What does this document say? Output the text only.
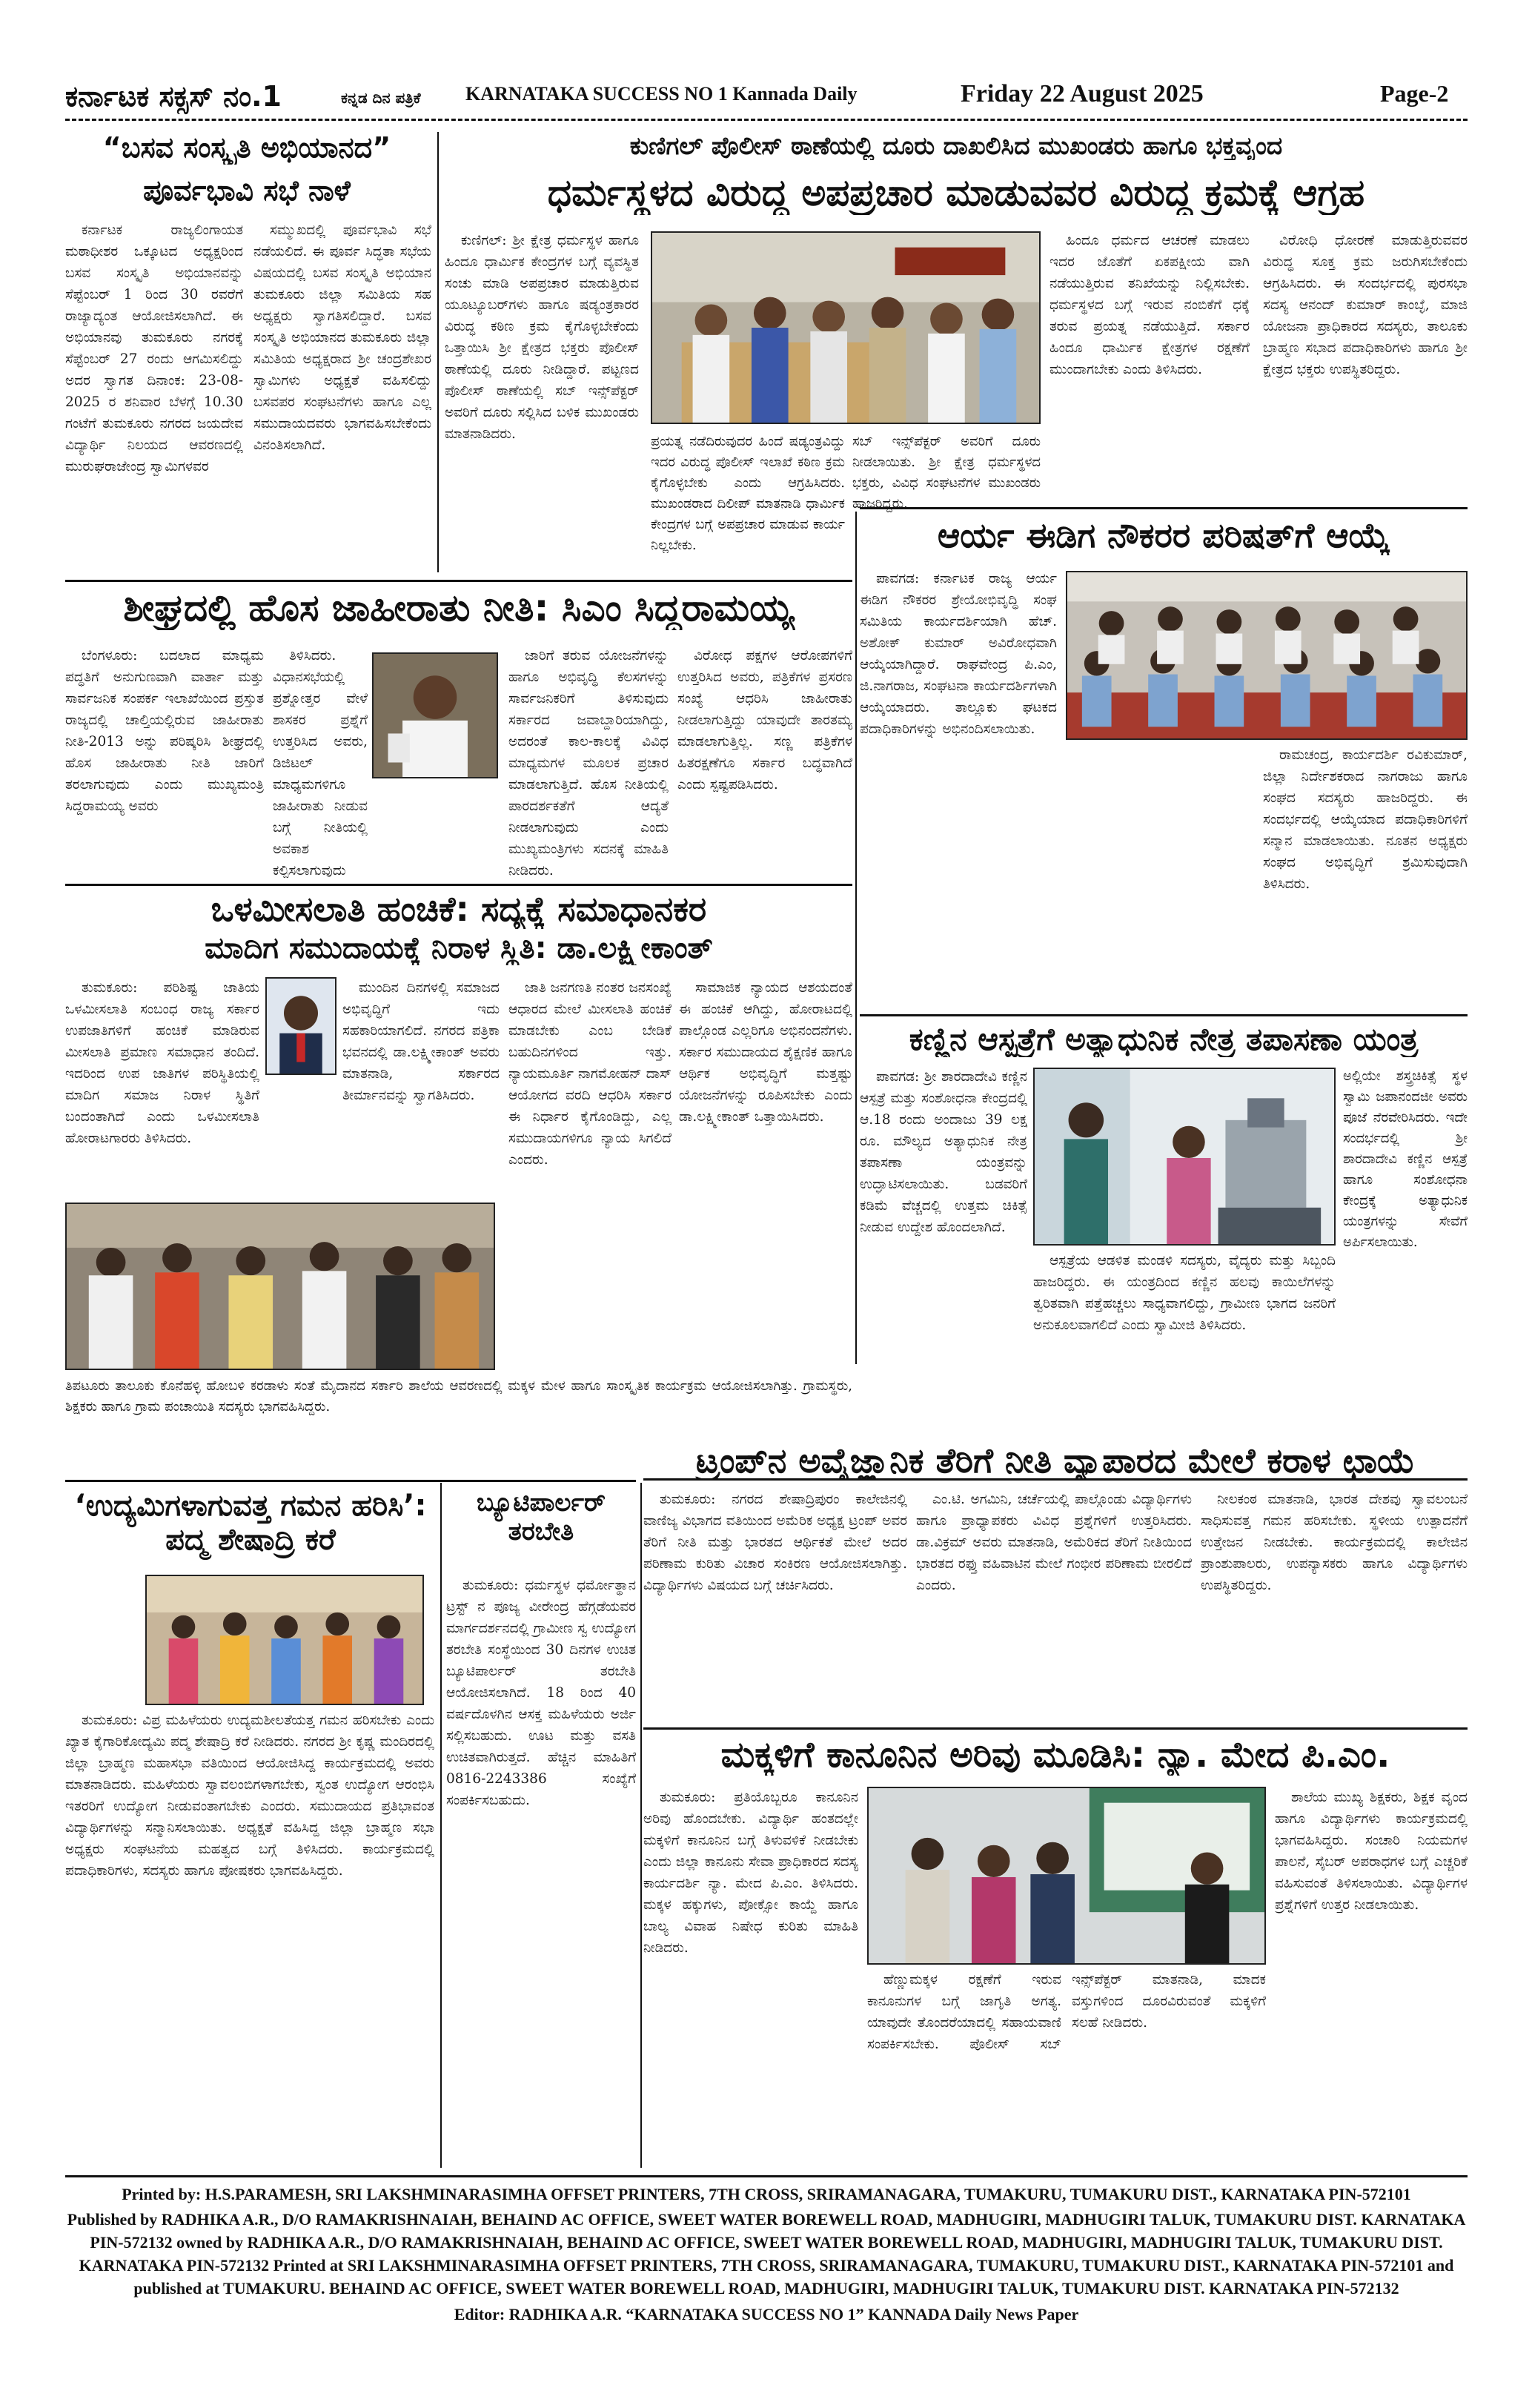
ಕರ್ನಾಟಕ ಸಕ್ಸಸ್ ನಂ.1	ಕನ್ನಡ ದಿನ ಪತ್ರಿಕೆ KARNATAKA SUCCESS NO 1 Kannada Daily	Friday 22 August 2025	Page-2
“ಬಸವ ಸಂಸ್ಕೃತಿ ಅಭಿಯಾನದ”
ಪೂರ್ವಭಾವಿ ಸಭೆ ನಾಳೆ

ಕರ್ನಾಟಕ ರಾಜ್ಯಲಿಂಗಾಯತ ಮಠಾಧೀಶರ ಒಕ್ಕೂಟದ ಅಧ್ಯಕ್ಷರಿಂದ ಬಸವ ಸಂಸ್ಕೃತಿ ಅಭಿಯಾನವನ್ನು ಸೆಪ್ಟೆಂಬರ್ 1 ರಿಂದ 30 ರವರೆಗೆ ರಾಜ್ಯಾದ್ಯಂತ ಆಯೋಜಿಸಲಾಗಿದೆ. ಈ ಅಭಿಯಾನವು ತುಮಕೂರು ನಗರಕ್ಕೆ ಸೆಪ್ಟೆಂಬರ್ 27 ರಂದು ಆಗಮಿಸಲಿದ್ದು ಅದರ ಸ್ವಾಗತ ದಿನಾಂಕ: 23-08-2025 ರ ಶನಿವಾರ ಬೆಳಗ್ಗೆ 10.30 ಗಂಟೆಗೆ ತುಮಕೂರು ನಗರದ ಜಯದೇವ ವಿದ್ಯಾರ್ಥಿ ನಿಲಯದ ಆವರಣದಲ್ಲಿ ಮುರುಘರಾಜೇಂದ್ರ ಸ್ವಾಮಿಗಳವರ

ಸಮ್ಮುಖದಲ್ಲಿ ಪೂರ್ವಭಾವಿ ಸಭೆ ನಡೆಯಲಿದೆ. ಈ ಪೂರ್ವ ಸಿದ್ಧತಾ ಸಭೆಯ ವಿಷಯದಲ್ಲಿ ಬಸವ ಸಂಸ್ಕೃತಿ ಅಭಿಯಾನ ತುಮಕೂರು ಜಿಲ್ಲಾ ಸಮಿತಿಯ ಸಹ ಅಧ್ಯಕ್ಷರು ಸ್ವಾಗತಿಸಲಿದ್ದಾರೆ. ಬಸವ ಸಂಸ್ಕೃತಿ ಅಭಿಯಾನದ ತುಮಕೂರು ಜಿಲ್ಲಾ ಸಮಿತಿಯ ಅಧ್ಯಕ್ಷರಾದ ಶ್ರೀ ಚಂದ್ರಶೇಖರ ಸ್ವಾಮಿಗಳು ಅಧ್ಯಕ್ಷತೆ ವಹಿಸಲಿದ್ದು ಬಸವಪರ ಸಂಘಟನೆಗಳು ಹಾಗೂ ಎಲ್ಲ ಸಮುದಾಯದವರು ಭಾಗವಹಿಸಬೇಕೆಂದು ವಿನಂತಿಸಲಾಗಿದೆ.

ಕುಣಿಗಲ್ ಪೊಲೀಸ್ ಠಾಣೆಯಲ್ಲಿ ದೂರು ದಾಖಲಿಸಿದ ಮುಖಂಡರು ಹಾಗೂ ಭಕ್ತವೃಂದ
ಧರ್ಮಸ್ಥಳದ ವಿರುದ್ಧ ಅಪಪ್ರಚಾರ ಮಾಡುವವರ ವಿರುದ್ಧ ಕ್ರಮಕ್ಕೆ ಆಗ್ರಹ

ಕುಣಿಗಲ್: ಶ್ರೀ ಕ್ಷೇತ್ರ ಧರ್ಮಸ್ಥಳ ಹಾಗೂ ಹಿಂದೂ ಧಾರ್ಮಿಕ ಕೇಂದ್ರಗಳ ಬಗ್ಗೆ ವ್ಯವಸ್ಥಿತ ಸಂಚು ಮಾಡಿ ಅಪಪ್ರಚಾರ ಮಾಡುತ್ತಿರುವ ಯೂಟ್ಯೂಬರ್‌ಗಳು ಹಾಗೂ ಷಡ್ಯಂತ್ರಕಾರರ ವಿರುದ್ಧ ಕಠಿಣ ಕ್ರಮ ಕೈಗೊಳ್ಳಬೇಕೆಂದು ಒತ್ತಾಯಿಸಿ ಶ್ರೀ ಕ್ಷೇತ್ರದ ಭಕ್ತರು ಪೊಲೀಸ್ ಠಾಣೆಯಲ್ಲಿ ದೂರು ನೀಡಿದ್ದಾರೆ. ಪಟ್ಟಣದ ಪೊಲೀಸ್ ಠಾಣೆಯಲ್ಲಿ ಸಬ್ ಇನ್ಸ್‌ಪೆಕ್ಟರ್ ಅವರಿಗೆ ದೂರು ಸಲ್ಲಿಸಿದ ಬಳಿಕ ಮುಖಂಡರು ಮಾತನಾಡಿದರು.	ಪ್ರಯತ್ನ ನಡೆದಿರುವುದರ ಹಿಂದೆ ಷಡ್ಯಂತ್ರವಿದ್ದು ಇದರ ವಿರುದ್ಧ ಪೊಲೀಸ್ ಇಲಾಖೆ ಕಠಿಣ ಕ್ರಮ ಕೈಗೊಳ್ಳಬೇಕು ಎಂದು ಆಗ್ರಹಿಸಿದರು. ಮುಖಂಡರಾದ ದಿಲೀಪ್ ಮಾತನಾಡಿ ಧಾರ್ಮಿಕ ಕೇಂದ್ರಗಳ ಬಗ್ಗೆ ಅಪಪ್ರಚಾರ ಮಾಡುವ ಕಾರ್ಯ ನಿಲ್ಲಬೇಕು.
ಸಬ್ ಇನ್ಸ್‌ಪೆಕ್ಟರ್ ಅವರಿಗೆ ದೂರು ನೀಡಲಾಯಿತು. ಶ್ರೀ ಕ್ಷೇತ್ರ ಧರ್ಮಸ್ಥಳದ ಭಕ್ತರು, ವಿವಿಧ ಸಂಘಟನೆಗಳ ಮುಖಂಡರು ಹಾಜರಿದ್ದರು.

ಹಿಂದೂ ಧರ್ಮದ ಆಚರಣೆ ಮಾಡಲು ಇದರ ಜೊತೆಗೆ ಏಕಪಕ್ಷೀಯ ವಾಗಿ ನಡೆಯುತ್ತಿರುವ ತನಿಖೆಯನ್ನು ನಿಲ್ಲಿಸಬೇಕು. ಧರ್ಮಸ್ಥಳದ ಬಗ್ಗೆ ಇರುವ ನಂಬಿಕೆಗೆ ಧಕ್ಕೆ ತರುವ ಪ್ರಯತ್ನ ನಡೆಯುತ್ತಿದೆ. ಸರ್ಕಾರ ಹಿಂದೂ ಧಾರ್ಮಿಕ ಕ್ಷೇತ್ರಗಳ ರಕ್ಷಣೆಗೆ ಮುಂದಾಗಬೇಕು ಎಂದು ತಿಳಿಸಿದರು.

ವಿರೋಧಿ ಧೋರಣೆ ಮಾಡುತ್ತಿರುವವರ ವಿರುದ್ಧ ಸೂಕ್ತ ಕ್ರಮ ಜರುಗಿಸಬೇಕೆಂದು ಆಗ್ರಹಿಸಿದರು. ಈ ಸಂದರ್ಭದಲ್ಲಿ ಪುರಸಭಾ ಸದಸ್ಯ ಆನಂದ್ ಕುಮಾರ್ ಕಾಂಬ್ಳೆ, ಮಾಜಿ ಯೋಜನಾ ಪ್ರಾಧಿಕಾರದ ಸದಸ್ಯರು, ತಾಲೂಕು ಬ್ರಾಹ್ಮಣ ಸಭಾದ ಪದಾಧಿಕಾರಿಗಳು ಹಾಗೂ ಶ್ರೀ ಕ್ಷೇತ್ರದ ಭಕ್ತರು ಉಪಸ್ಥಿತರಿದ್ದರು.

ಆರ್ಯ ಈಡಿಗ ನೌಕರರ ಪರಿಷತ್‌ಗೆ ಆಯ್ಕೆ

ಪಾವಗಡ: ಕರ್ನಾಟಕ ರಾಜ್ಯ ಆರ್ಯ ಈಡಿಗ ನೌಕರರ ಶ್ರೇಯೋಭಿವೃದ್ಧಿ ಸಂಘ ಸಮಿತಿಯ ಕಾರ್ಯದರ್ಶಿಯಾಗಿ ಹೆಚ್. ಅಶೋಕ್ ಕುಮಾರ್ ಅವಿರೋಧವಾಗಿ ಆಯ್ಕೆಯಾಗಿದ್ದಾರೆ. ರಾಘವೇಂದ್ರ ಪಿ.ಎಂ, ಜಿ.ನಾಗರಾಜ, ಸಂಘಟನಾ ಕಾರ್ಯದರ್ಶಿಗಳಾಗಿ ಆಯ್ಕೆಯಾದರು. ತಾಲ್ಲೂಕು ಘಟಕದ ಪದಾಧಿಕಾರಿಗಳನ್ನು ಅಭಿನಂದಿಸಲಾಯಿತು.

ರಾಮಚಂದ್ರ, ಕಾರ್ಯದರ್ಶಿ ರವಿಕುಮಾರ್, ಜಿಲ್ಲಾ ನಿರ್ದೇಶಕರಾದ ನಾಗರಾಜು ಹಾಗೂ ಸಂಘದ ಸದಸ್ಯರು ಹಾಜರಿದ್ದರು. ಈ ಸಂದರ್ಭದಲ್ಲಿ ಆಯ್ಕೆಯಾದ ಪದಾಧಿಕಾರಿಗಳಿಗೆ ಸನ್ಮಾನ ಮಾಡಲಾಯಿತು. ನೂತನ ಅಧ್ಯಕ್ಷರು ಸಂಘದ ಅಭಿವೃದ್ಧಿಗೆ ಶ್ರಮಿಸುವುದಾಗಿ ತಿಳಿಸಿದರು.

ಶೀಘ್ರದಲ್ಲಿ ಹೊಸ ಜಾಹೀರಾತು ನೀತಿ: ಸಿಎಂ ಸಿದ್ದರಾಮಯ್ಯ

ಬೆಂಗಳೂರು: ಬದಲಾದ ಮಾಧ್ಯಮ ಪದ್ಧತಿಗೆ ಅನುಗುಣವಾಗಿ ವಾರ್ತಾ ಮತ್ತು ಸಾರ್ವಜನಿಕ ಸಂಪರ್ಕ ಇಲಾಖೆಯಿಂದ ಪ್ರಸ್ತುತ ರಾಜ್ಯದಲ್ಲಿ ಚಾಲ್ತಿಯಲ್ಲಿರುವ ಜಾಹೀರಾತು ನೀತಿ-2013 ಅನ್ನು ಪರಿಷ್ಕರಿಸಿ ಶೀಘ್ರದಲ್ಲಿ ಹೊಸ ಜಾಹೀರಾತು ನೀತಿ ಜಾರಿಗೆ ತರಲಾಗುವುದು ಎಂದು ಮುಖ್ಯಮಂತ್ರಿ ಸಿದ್ದರಾಮಯ್ಯ ಅವರು

ತಿಳಿಸಿದರು. ವಿಧಾನಸಭೆಯಲ್ಲಿ ಪ್ರಶ್ನೋತ್ತರ ವೇಳೆ ಶಾಸಕರ ಪ್ರಶ್ನೆಗೆ ಉತ್ತರಿಸಿದ ಅವರು, ಡಿಜಿಟಲ್ ಮಾಧ್ಯಮಗಳಿಗೂ ಜಾಹೀರಾತು ನೀಡುವ ಬಗ್ಗೆ ನೀತಿಯಲ್ಲಿ ಅವಕಾಶ ಕಲ್ಪಿಸಲಾಗುವುದು

ಜಾರಿಗೆ ತರುವ ಯೋಜನೆಗಳನ್ನು ಹಾಗೂ ಅಭಿವೃದ್ಧಿ ಕೆಲಸಗಳನ್ನು ಸಾರ್ವಜನಿಕರಿಗೆ ತಿಳಿಸುವುದು ಸರ್ಕಾರದ ಜವಾಬ್ದಾರಿಯಾಗಿದ್ದು, ಅದರಂತೆ ಕಾಲ-ಕಾಲಕ್ಕೆ ವಿವಿಧ ಮಾಧ್ಯಮಗಳ ಮೂಲಕ ಪ್ರಚಾರ ಮಾಡಲಾಗುತ್ತಿದೆ. ಹೊಸ ನೀತಿಯಲ್ಲಿ ಪಾರದರ್ಶಕತೆಗೆ ಆದ್ಯತೆ ನೀಡಲಾಗುವುದು ಎಂದು ಮುಖ್ಯಮಂತ್ರಿಗಳು ಸದನಕ್ಕೆ ಮಾಹಿತಿ ನೀಡಿದರು.

ವಿರೋಧ ಪಕ್ಷಗಳ ಆರೋಪಗಳಿಗೆ ಉತ್ತರಿಸಿದ ಅವರು, ಪತ್ರಿಕೆಗಳ ಪ್ರಸರಣ ಸಂಖ್ಯೆ ಆಧರಿಸಿ ಜಾಹೀರಾತು ನೀಡಲಾಗುತ್ತಿದ್ದು ಯಾವುದೇ ತಾರತಮ್ಯ ಮಾಡಲಾಗುತ್ತಿಲ್ಲ. ಸಣ್ಣ ಪತ್ರಿಕೆಗಳ ಹಿತರಕ್ಷಣೆಗೂ ಸರ್ಕಾರ ಬದ್ಧವಾಗಿದೆ ಎಂದು ಸ್ಪಷ್ಟಪಡಿಸಿದರು.

ಒಳಮೀಸಲಾತಿ ಹಂಚಿಕೆ: ಸದ್ಯಕ್ಕೆ ಸಮಾಧಾನಕರ
ಮಾದಿಗ ಸಮುದಾಯಕ್ಕೆ ನಿರಾಳ ಸ್ಥಿತಿ: ಡಾ.ಲಕ್ಷ್ಮೀಕಾಂತ್

ತುಮಕೂರು: ಪರಿಶಿಷ್ಟ ಜಾತಿಯ ಒಳಮೀಸಲಾತಿ ಸಂಬಂಧ ರಾಜ್ಯ ಸರ್ಕಾರ ಉಪಜಾತಿಗಳಿಗೆ ಹಂಚಿಕೆ ಮಾಡಿರುವ ಮೀಸಲಾತಿ ಪ್ರಮಾಣ ಸಮಾಧಾನ ತಂದಿದೆ. ಇದರಿಂದ ಉಪ ಜಾತಿಗಳ ಪರಿಸ್ಥಿತಿಯಲ್ಲಿ ಮಾದಿಗ ಸಮಾಜ ನಿರಾಳ ಸ್ಥಿತಿಗೆ ಬಂದಂತಾಗಿದೆ ಎಂದು ಒಳಮೀಸಲಾತಿ ಹೋರಾಟಗಾರರು ತಿಳಿಸಿದರು.

ಮುಂದಿನ ದಿನಗಳಲ್ಲಿ ಸಮಾಜದ ಅಭಿವೃದ್ಧಿಗೆ ಇದು ಸಹಕಾರಿಯಾಗಲಿದೆ. ನಗರದ ಪತ್ರಿಕಾ ಭವನದಲ್ಲಿ ಡಾ.ಲಕ್ಷ್ಮೀಕಾಂತ್ ಅವರು ಮಾತನಾಡಿ, ಸರ್ಕಾರದ ತೀರ್ಮಾನವನ್ನು ಸ್ವಾಗತಿಸಿದರು.

ಜಾತಿ ಜನಗಣತಿ ನಂತರ ಜನಸಂಖ್ಯೆ ಆಧಾರದ ಮೇಲೆ ಮೀಸಲಾತಿ ಹಂಚಿಕೆ ಮಾಡಬೇಕು ಎಂಬ ಬೇಡಿಕೆ ಬಹುದಿನಗಳಿಂದ ಇತ್ತು. ನ್ಯಾಯಮೂರ್ತಿ ನಾಗಮೋಹನ್ ದಾಸ್ ಆಯೋಗದ ವರದಿ ಆಧರಿಸಿ ಸರ್ಕಾರ ಈ ನಿರ್ಧಾರ ಕೈಗೊಂಡಿದ್ದು, ಎಲ್ಲ ಸಮುದಾಯಗಳಿಗೂ ನ್ಯಾಯ ಸಿಗಲಿದೆ ಎಂದರು.

ಸಾಮಾಜಿಕ ನ್ಯಾಯದ ಆಶಯದಂತೆ ಈ ಹಂಚಿಕೆ ಆಗಿದ್ದು, ಹೋರಾಟದಲ್ಲಿ ಪಾಲ್ಗೊಂಡ ಎಲ್ಲರಿಗೂ ಅಭಿನಂದನೆಗಳು. ಸರ್ಕಾರ ಸಮುದಾಯದ ಶೈಕ್ಷಣಿಕ ಹಾಗೂ ಆರ್ಥಿಕ ಅಭಿವೃದ್ಧಿಗೆ ಮತ್ತಷ್ಟು ಯೋಜನೆಗಳನ್ನು ರೂಪಿಸಬೇಕು ಎಂದು ಡಾ.ಲಕ್ಷ್ಮೀಕಾಂತ್ ಒತ್ತಾಯಿಸಿದರು.

ತಿಪಟೂರು ತಾಲೂಕು ಕೊನೆಹಳ್ಳಿ ಹೋಬಳಿ ಕರಡಾಳು ಸಂತೆ ಮೈದಾನದ ಸರ್ಕಾರಿ ಶಾಲೆಯ ಆವರಣದಲ್ಲಿ ಮಕ್ಕಳ ಮೇಳ ಹಾಗೂ ಸಾಂಸ್ಕೃತಿಕ ಕಾರ್ಯಕ್ರಮ ಆಯೋಜಿಸಲಾಗಿತ್ತು. ಗ್ರಾಮಸ್ಥರು, ಶಿಕ್ಷಕರು ಹಾಗೂ ಗ್ರಾಮ ಪಂಚಾಯಿತಿ ಸದಸ್ಯರು ಭಾಗವಹಿಸಿದ್ದರು.
ಕಣ್ಣಿನ ಆಸ್ಪತ್ರೆಗೆ ಅತ್ಯಾಧುನಿಕ ನೇತ್ರ ತಪಾಸಣಾ ಯಂತ್ರ

ಪಾವಗಡ: ಶ್ರೀ ಶಾರದಾದೇವಿ ಕಣ್ಣಿನ ಆಸ್ಪತ್ರೆ ಮತ್ತು ಸಂಶೋಧನಾ ಕೇಂದ್ರದಲ್ಲಿ ಆ.18 ರಂದು ಅಂದಾಜು 39 ಲಕ್ಷ ರೂ. ಮೌಲ್ಯದ ಅತ್ಯಾಧುನಿಕ ನೇತ್ರ ತಪಾಸಣಾ ಯಂತ್ರವನ್ನು ಉದ್ಘಾಟಿಸಲಾಯಿತು. ಬಡವರಿಗೆ ಕಡಿಮೆ ವೆಚ್ಚದಲ್ಲಿ ಉತ್ತಮ ಚಿಕಿತ್ಸೆ ನೀಡುವ ಉದ್ದೇಶ ಹೊಂದಲಾಗಿದೆ.

ಅಲ್ಲಿಯೇ ಶಸ್ತ್ರಚಿಕಿತ್ಸೆ ಸ್ಥಳ ಸ್ವಾಮಿ ಜಪಾನಂದಜೀ ಅವರು ಪೂಜೆ ನೆರವೇರಿಸಿದರು. ಇದೇ ಸಂದರ್ಭದಲ್ಲಿ ಶ್ರೀ ಶಾರದಾದೇವಿ ಕಣ್ಣಿನ ಆಸ್ಪತ್ರೆ ಹಾಗೂ ಸಂಶೋಧನಾ ಕೇಂದ್ರಕ್ಕೆ ಅತ್ಯಾಧುನಿಕ ಯಂತ್ರಗಳನ್ನು ಸೇವೆಗೆ ಅರ್ಪಿಸಲಾಯಿತು.

ಆಸ್ಪತ್ರೆಯ ಆಡಳಿತ ಮಂಡಳಿ ಸದಸ್ಯರು, ವೈದ್ಯರು ಮತ್ತು ಸಿಬ್ಬಂದಿ ಹಾಜರಿದ್ದರು. ಈ ಯಂತ್ರದಿಂದ ಕಣ್ಣಿನ ಹಲವು ಕಾಯಿಲೆಗಳನ್ನು ತ್ವರಿತವಾಗಿ ಪತ್ತೆಹಚ್ಚಲು ಸಾಧ್ಯವಾಗಲಿದ್ದು, ಗ್ರಾಮೀಣ ಭಾಗದ ಜನರಿಗೆ ಅನುಕೂಲವಾಗಲಿದೆ ಎಂದು ಸ್ವಾಮೀಜಿ ತಿಳಿಸಿದರು.

ಟ್ರಂಪ್‌ನ ಅವೈಜ್ಞಾನಿಕ ತೆರಿಗೆ ನೀತಿ ವ್ಯಾಪಾರದ ಮೇಲೆ ಕರಾಳ ಛಾಯೆ

ತುಮಕೂರು: ನಗರದ ಶೇಷಾದ್ರಿಪುರಂ ಕಾಲೇಜಿನಲ್ಲಿ ವಾಣಿಜ್ಯ ವಿಭಾಗದ ವತಿಯಿಂದ ಅಮೆರಿಕ ಅಧ್ಯಕ್ಷ ಟ್ರಂಪ್ ಅವರ ತೆರಿಗೆ ನೀತಿ ಮತ್ತು ಭಾರತದ ಆರ್ಥಿಕತೆ ಮೇಲೆ ಅದರ ಪರಿಣಾಮ ಕುರಿತು ವಿಚಾರ ಸಂಕಿರಣ ಆಯೋಜಿಸಲಾಗಿತ್ತು. ವಿದ್ಯಾರ್ಥಿಗಳು ವಿಷಯದ ಬಗ್ಗೆ ಚರ್ಚಿಸಿದರು.

ಎಂ.ಟಿ. ಅಗಮಿನಿ, ಚರ್ಚೆಯಲ್ಲಿ ಪಾಲ್ಗೊಂಡು ವಿದ್ಯಾರ್ಥಿಗಳು ಹಾಗೂ ಪ್ರಾಧ್ಯಾಪಕರು ವಿವಿಧ ಪ್ರಶ್ನೆಗಳಿಗೆ ಉತ್ತರಿಸಿದರು. ಡಾ.ವಿಕ್ರಮ್ ಅವರು ಮಾತನಾಡಿ, ಅಮೆರಿಕದ ತೆರಿಗೆ ನೀತಿಯಿಂದ ಭಾರತದ ರಫ್ತು ವಹಿವಾಟಿನ ಮೇಲೆ ಗಂಭೀರ ಪರಿಣಾಮ ಬೀರಲಿದೆ ಎಂದರು.

ನೀಲಕಂಠ ಮಾತನಾಡಿ, ಭಾರತ ದೇಶವು ಸ್ವಾವಲಂಬನೆ ಸಾಧಿಸುವತ್ತ ಗಮನ ಹರಿಸಬೇಕು. ಸ್ಥಳೀಯ ಉತ್ಪಾದನೆಗೆ ಉತ್ತೇಜನ ನೀಡಬೇಕು. ಕಾರ್ಯಕ್ರಮದಲ್ಲಿ ಕಾಲೇಜಿನ ಪ್ರಾಂಶುಪಾಲರು, ಉಪನ್ಯಾಸಕರು ಹಾಗೂ ವಿದ್ಯಾರ್ಥಿಗಳು ಉಪಸ್ಥಿತರಿದ್ದರು.

‘ಉದ್ಯಮಿಗಳಾಗುವತ್ತ ಗಮನ ಹರಿಸಿ’: ಪದ್ಮ ಶೇಷಾದ್ರಿ ಕರೆ

ತುಮಕೂರು: ವಿಪ್ರ ಮಹಿಳೆಯರು ಉದ್ಯಮಶೀಲತೆಯತ್ತ ಗಮನ ಹರಿಸಬೇಕು ಎಂದು ಖ್ಯಾತ ಕೈಗಾರಿಕೋದ್ಯಮಿ ಪದ್ಮ ಶೇಷಾದ್ರಿ ಕರೆ ನೀಡಿದರು. ನಗರದ ಶ್ರೀ ಕೃಷ್ಣ ಮಂದಿರದಲ್ಲಿ ಜಿಲ್ಲಾ ಬ್ರಾಹ್ಮಣ ಮಹಾಸಭಾ ವತಿಯಿಂದ ಆಯೋಜಿಸಿದ್ದ ಕಾರ್ಯಕ್ರಮದಲ್ಲಿ ಅವರು ಮಾತನಾಡಿದರು. ಮಹಿಳೆಯರು ಸ್ವಾವಲಂಬಿಗಳಾಗಬೇಕು, ಸ್ವಂತ ಉದ್ಯೋಗ ಆರಂಭಿಸಿ ಇತರರಿಗೆ ಉದ್ಯೋಗ ನೀಡುವಂತಾಗಬೇಕು ಎಂದರು. ಸಮುದಾಯದ ಪ್ರತಿಭಾವಂತ ವಿದ್ಯಾರ್ಥಿಗಳನ್ನು ಸನ್ಮಾನಿಸಲಾಯಿತು. ಅಧ್ಯಕ್ಷತೆ ವಹಿಸಿದ್ದ ಜಿಲ್ಲಾ ಬ್ರಾಹ್ಮಣ ಸಭಾ ಅಧ್ಯಕ್ಷರು ಸಂಘಟನೆಯ ಮಹತ್ವದ ಬಗ್ಗೆ ತಿಳಿಸಿದರು. ಕಾರ್ಯಕ್ರಮದಲ್ಲಿ ಪದಾಧಿಕಾರಿಗಳು, ಸದಸ್ಯರು ಹಾಗೂ ಪೋಷಕರು ಭಾಗವಹಿಸಿದ್ದರು.

ಬ್ಯೂಟಿಪಾರ್ಲರ್ ತರಬೇತಿ

ತುಮಕೂರು: ಧರ್ಮಸ್ಥಳ ಧರ್ಮೋತ್ಥಾನ ಟ್ರಸ್ಟ್ ನ ಪೂಜ್ಯ ವೀರೇಂದ್ರ ಹೆಗ್ಗಡೆಯವರ ಮಾರ್ಗದರ್ಶನದಲ್ಲಿ ಗ್ರಾಮೀಣ ಸ್ವ ಉದ್ಯೋಗ ತರಬೇತಿ ಸಂಸ್ಥೆಯಿಂದ 30 ದಿನಗಳ ಉಚಿತ ಬ್ಯೂಟಿಪಾರ್ಲರ್ ತರಬೇತಿ ಆಯೋಜಿಸಲಾಗಿದೆ. 18 ರಿಂದ 40 ವರ್ಷದೊಳಗಿನ ಆಸಕ್ತ ಮಹಿಳೆಯರು ಅರ್ಜಿ ಸಲ್ಲಿಸಬಹುದು. ಊಟ ಮತ್ತು ವಸತಿ ಉಚಿತವಾಗಿರುತ್ತದೆ. ಹೆಚ್ಚಿನ ಮಾಹಿತಿಗೆ 0816-2243386 ಸಂಖ್ಯೆಗೆ ಸಂಪರ್ಕಿಸಬಹುದು.

ಮಕ್ಕಳಿಗೆ ಕಾನೂನಿನ ಅರಿವು ಮೂಡಿಸಿ: ನ್ಯಾ. ಮೇದ ಪಿ.ಎಂ.

ತುಮಕೂರು: ಪ್ರತಿಯೊಬ್ಬರೂ ಕಾನೂನಿನ ಅರಿವು ಹೊಂದಬೇಕು. ವಿದ್ಯಾರ್ಥಿ ಹಂತದಲ್ಲೇ ಮಕ್ಕಳಿಗೆ ಕಾನೂನಿನ ಬಗ್ಗೆ ತಿಳುವಳಿಕೆ ನೀಡಬೇಕು ಎಂದು ಜಿಲ್ಲಾ ಕಾನೂನು ಸೇವಾ ಪ್ರಾಧಿಕಾರದ ಸದಸ್ಯ ಕಾರ್ಯದರ್ಶಿ ನ್ಯಾ. ಮೇದ ಪಿ.ಎಂ. ತಿಳಿಸಿದರು. ಮಕ್ಕಳ ಹಕ್ಕುಗಳು, ಪೋಕ್ಸೋ ಕಾಯ್ದೆ ಹಾಗೂ ಬಾಲ್ಯ ವಿವಾಹ ನಿಷೇಧ ಕುರಿತು ಮಾಹಿತಿ ನೀಡಿದರು.

ಹೆಣ್ಣುಮಕ್ಕಳ ರಕ್ಷಣೆಗೆ ಇರುವ ಕಾನೂನುಗಳ ಬಗ್ಗೆ ಜಾಗೃತಿ ಅಗತ್ಯ. ಯಾವುದೇ ತೊಂದರೆಯಾದಲ್ಲಿ ಸಹಾಯವಾಣಿ ಸಂಪರ್ಕಿಸಬೇಕು. ಪೊಲೀಸ್ ಸಬ್ ಇನ್ಸ್‌ಪೆಕ್ಟರ್ ಮಾತನಾಡಿ, ಮಾದಕ ವಸ್ತುಗಳಿಂದ ದೂರವಿರುವಂತೆ ಮಕ್ಕಳಿಗೆ ಸಲಹೆ ನೀಡಿದರು.

ಶಾಲೆಯ ಮುಖ್ಯ ಶಿಕ್ಷಕರು, ಶಿಕ್ಷಕ ವೃಂದ ಹಾಗೂ ವಿದ್ಯಾರ್ಥಿಗಳು ಕಾರ್ಯಕ್ರಮದಲ್ಲಿ ಭಾಗವಹಿಸಿದ್ದರು. ಸಂಚಾರಿ ನಿಯಮಗಳ ಪಾಲನೆ, ಸೈಬರ್ ಅಪರಾಧಗಳ ಬಗ್ಗೆ ಎಚ್ಚರಿಕೆ ವಹಿಸುವಂತೆ ತಿಳಿಸಲಾಯಿತು. ವಿದ್ಯಾರ್ಥಿಗಳ ಪ್ರಶ್ನೆಗಳಿಗೆ ಉತ್ತರ ನೀಡಲಾಯಿತು.

Printed by: H.S.PARAMESH, SRI LAKSHMINARASIMHA OFFSET PRINTERS, 7TH CROSS, SRIRAMANAGARA, TUMAKURU, TUMAKURU DIST., KARNATAKA PIN-572101
Published by RADHIKA A.R., D/O RAMAKRISHNAIAH, BEHAIND AC OFFICE, SWEET WATER BOREWELL ROAD, MADHUGIRI, MADHUGIRI TALUK, TUMAKURU DIST. KARNATAKA PIN-572132 owned by RADHIKA A.R., D/O RAMAKRISHNAIAH, BEHAIND AC OFFICE, SWEET WATER BOREWELL ROAD, MADHUGIRI, MADHUGIRI TALUK, TUMAKURU DIST. KARNATAKA PIN-572132 Printed at SRI LAKSHMINARASIMHA OFFSET PRINTERS, 7TH CROSS, SRIRAMANAGARA, TUMAKURU, TUMAKURU DIST., KARNATAKA PIN-572101 and published at TUMAKURU. BEHAIND AC OFFICE, SWEET WATER BOREWELL ROAD, MADHUGIRI, MADHUGIRI TALUK, TUMAKURU DIST. KARNATAKA PIN-572132
Editor: RADHIKA A.R. “KARNATAKA SUCCESS NO 1” KANNADA Daily News Paper
